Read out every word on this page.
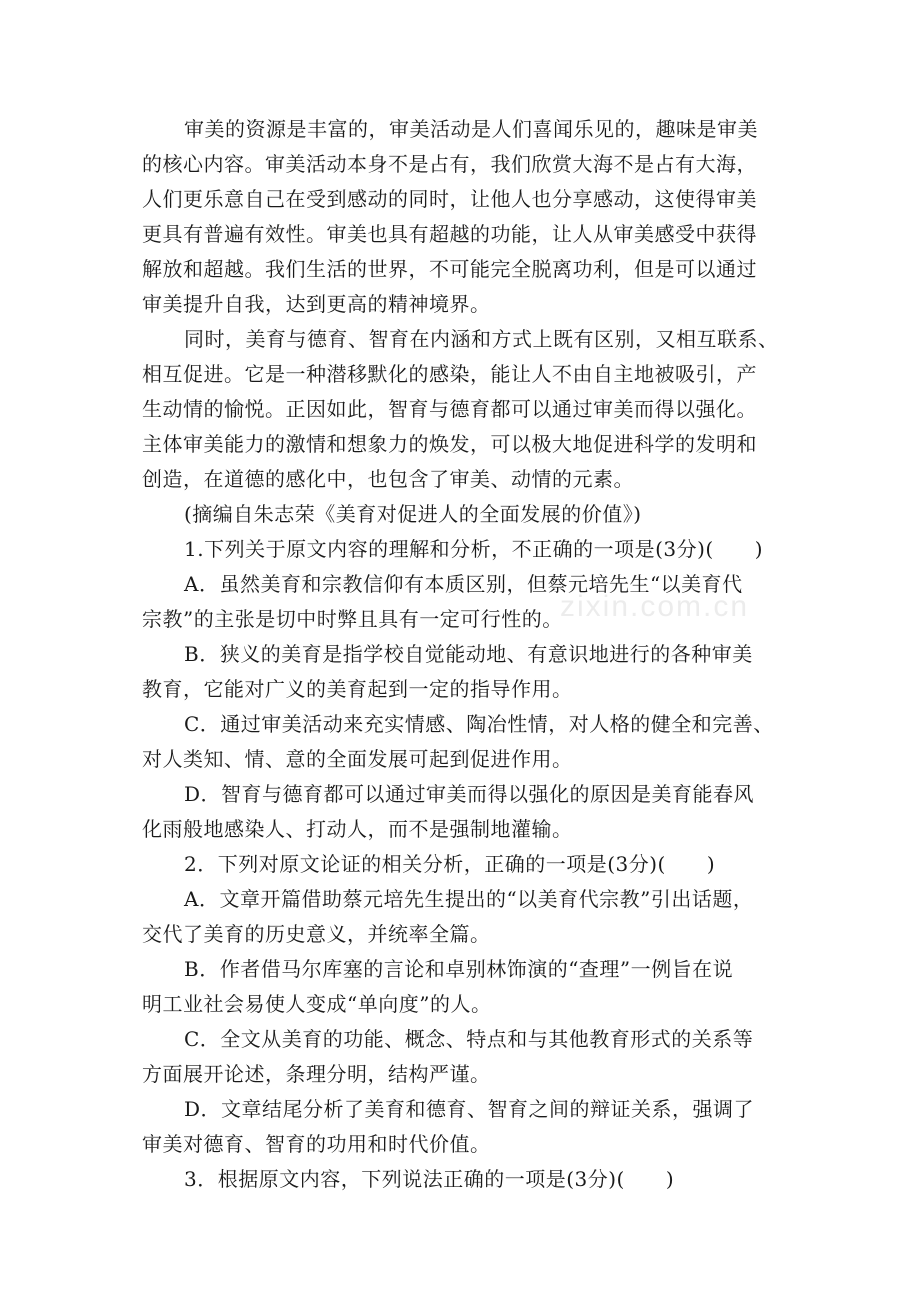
zixin.com.cn
审美的资源是丰富的，审美活动是人们喜闻乐见的，趣味是审美
的核心内容。审美活动本身不是占有，我们欣赏大海不是占有大海，
人们更乐意自己在受到感动的同时，让他人也分享感动，这使得审美
更具有普遍有效性。审美也具有超越的功能，让人从审美感受中获得
解放和超越。我们生活的世界，不可能完全脱离功利，但是可以通过
审美提升自我，达到更高的精神境界。
同时，美育与德育、智育在内涵和方式上既有区别，又相互联系、
相互促进。它是一种潜移默化的感染，能让人不由自主地被吸引，产
生动情的愉悦。正因如此，智育与德育都可以通过审美而得以强化。
主体审美能力的激情和想象力的焕发，可以极大地促进科学的发明和
创造，在道德的感化中，也包含了审美、动情的元素。
(摘编自朱志荣《美育对促进人的全面发展的价值》)
1.下列关于原文内容的理解和分析，不正确的一项是(3分)(　　)
A．虽然美育和宗教信仰有本质区别，但蔡元培先生“以美育代
宗教”的主张是切中时弊且具有一定可行性的。
B．狭义的美育是指学校自觉能动地、有意识地进行的各种审美
教育，它能对广义的美育起到一定的指导作用。
C．通过审美活动来充实情感、陶冶性情，对人格的健全和完善、
对人类知、情、意的全面发展可起到促进作用。
D．智育与德育都可以通过审美而得以强化的原因是美育能春风
化雨般地感染人、打动人，而不是强制地灌输。
2．下列对原文论证的相关分析，正确的一项是(3分)(　　)
A．文章开篇借助蔡元培先生提出的“以美育代宗教”引出话题，
交代了美育的历史意义，并统率全篇。
B．作者借马尔库塞的言论和卓别林饰演的“查理”一例旨在说
明工业社会易使人变成“单向度”的人。
C．全文从美育的功能、概念、特点和与其他教育形式的关系等
方面展开论述，条理分明，结构严谨。
D．文章结尾分析了美育和德育、智育之间的辩证关系，强调了
审美对德育、智育的功用和时代价值。
3．根据原文内容，下列说法正确的一项是(3分)(　　)
